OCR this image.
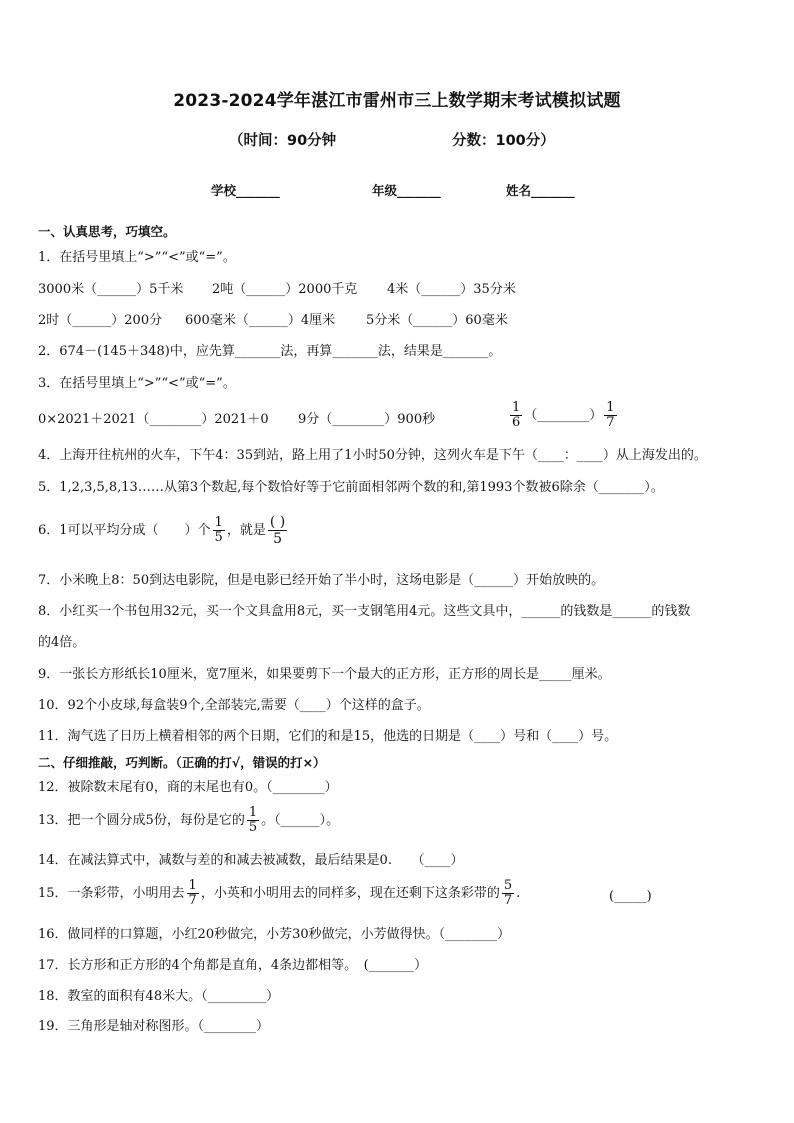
2023-2024学年湛江市雷州市三上数学期末考试模拟试题
（时间：90分钟	分数：100分）
学校_______	年级_______	姓名_______
一、认真思考，巧填空。
1．在括号里填上“>”“<”或“=”。
3000米（______）5千米 2吨（______）2000千克 4米（______）35分米
2时（______）200分 600毫米（______）4厘米 5分米（______）60毫米
2．674－(145＋348)中，应先算_______法，再算_______法，结果是_______。
3．在括号里填上“>”“<”或“=”。
0×2021＋2021（________）2021＋0 9分（________）900秒	$\frac{1}{6}$ （________） $\frac{1}{7}$
4．上海开往杭州的火车，下午4：35到站，路上用了1小时50分钟，这列火车是下午（____：____）从上海发出的。
5．1,2,3,5,8,13……从第3个数起,每个数恰好等于它前面相邻两个数的和,第1993个数被6除余（_______）。
6．1可以平均分成（　　）个 $\frac{1}{5}$ ，就是 $\frac{( )}{5}$
7．小米晚上8：50到达电影院，但是电影已经开始了半小时，这场电影是（______）开始放映的。
8．小红买一个书包用32元，买一个文具盒用8元，买一支钢笔用4元。这些文具中，______的钱数是______的钱数
的4倍。
9．一张长方形纸长10厘米，宽7厘米，如果要剪下一个最大的正方形，正方形的周长是_____厘米。
10．92个小皮球,每盒装9个,全部装完,需要（____）个这样的盒子。
11．淘气选了日历上横着相邻的两个日期，它们的和是15，他选的日期是（____）号和（____）号。
二、仔细推敲，巧判断。（正确的打√，错误的打×）
12．被除数末尾有0，商的末尾也有0。（________）
13．把一个圆分成5份，每份是它的 $\frac{1}{5}$ 。（______）。
14．在减法算式中，减数与差的和减去被减数，最后结果是0.　　（____）
15．一条彩带，小明用去 $\frac{1}{7}$ ，小英和小明用去的同样多，现在还剩下这条彩带的 $\frac{5}{7}$ .	(_____)
16．做同样的口算题，小红20秒做完，小芳30秒做完，小芳做得快。（________）
17．长方形和正方形的4个角都是直角，4条边都相等。　(_______）
18．教室的面积有48米大。（_________）
19．三角形是轴对称图形。（________）
